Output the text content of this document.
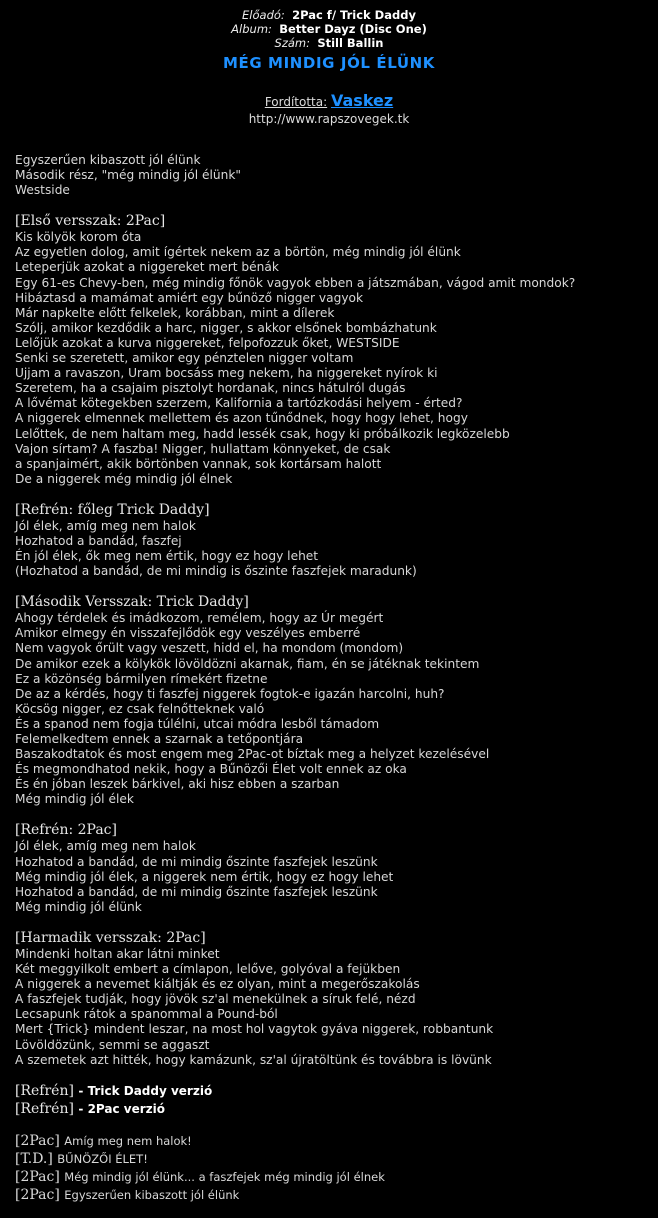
Előadó: 2Pac f/ Trick Daddy
Album: Better Dayz (Disc One)
Szám: Still Ballin
MÉG MINDIG JÓL ÉLÜNK
Fordította: Vaskez
http://www.rapszovegek.tk
Egyszerűen kibaszott jól élünk
Második rész, "még mindig jól élünk"
Westside
[Első versszak: 2Pac]
Kis kölyök korom óta
Az egyetlen dolog, amit ígértek nekem az a börtön, még mindig jól élünk
Leteperjük azokat a niggereket mert bénák
Egy 61-es Chevy-ben, még mindig főnök vagyok ebben a játszmában, vágod amit mondok?
Hibáztasd a mamámat amiért egy bűnöző nigger vagyok
Már napkelte előtt felkelek, korábban, mint a dílerek
Szólj, amikor kezdődik a harc, nigger, s akkor elsőnek bombázhatunk
Lelőjük azokat a kurva niggereket, felpofozzuk őket, WESTSIDE
Senki se szeretett, amikor egy pénztelen nigger voltam
Ujjam a ravaszon, Uram bocsáss meg nekem, ha niggereket nyírok ki
Szeretem, ha a csajaim pisztolyt hordanak, nincs hátulról dugás
A lővémat kötegekben szerzem, Kalifornia a tartózkodási helyem - érted?
A niggerek elmennek mellettem és azon tűnődnek, hogy hogy lehet, hogy
Lelőttek, de nem haltam meg, hadd lessék csak, hogy ki próbálkozik legközelebb
Vajon sírtam? A faszba! Nigger, hullattam könnyeket, de csak
a spanjaimért, akik börtönben vannak, sok kortársam halott
De a niggerek még mindig jól élnek
[Refrén: főleg Trick Daddy]
Jól élek, amíg meg nem halok
Hozhatod a bandád, faszfej
Én jól élek, ők meg nem értik, hogy ez hogy lehet
(Hozhatod a bandád, de mi mindig is őszinte faszfejek maradunk)
[Második Versszak: Trick Daddy]
Ahogy térdelek és imádkozom, remélem, hogy az Úr megért
Amikor elmegy én visszafejlődök egy veszélyes emberré
Nem vagyok őrült vagy veszett, hidd el, ha mondom (mondom)
De amikor ezek a kölykök lövöldözni akarnak, fiam, én se játéknak tekintem
Ez a közönség bármilyen rímekért fizetne
De az a kérdés, hogy ti faszfej niggerek fogtok-e igazán harcolni, huh?
Köcsög nigger, ez csak felnőtteknek való
És a spanod nem fogja túlélni, utcai módra lesből támadom
Felemelkedtem ennek a szarnak a tetőpontjára
Baszakodtatok és most engem meg 2Pac-ot bíztak meg a helyzet kezelésével
És megmondhatod nekik, hogy a Bűnözői Élet volt ennek az oka
És én jóban leszek bárkivel, aki hisz ebben a szarban
Még mindig jól élek
[Refrén: 2Pac]
Jól élek, amíg meg nem halok
Hozhatod a bandád, de mi mindig őszinte faszfejek leszünk
Még mindig jól élek, a niggerek nem értik, hogy ez hogy lehet
Hozhatod a bandád, de mi mindig őszinte faszfejek leszünk
Még mindig jól élünk
[Harmadik versszak: 2Pac]
Mindenki holtan akar látni minket
Két meggyilkolt embert a címlapon, lelőve, golyóval a fejükben
A niggerek a nevemet kiáltják és ez olyan, mint a megerőszakolás
A faszfejek tudják, hogy jövök sz'al menekülnek a síruk felé, nézd
Lecsapunk rátok a spanommal a Pound-ból
Mert {Trick} mindent leszar, na most hol vagytok gyáva niggerek, robbantunk
Lövöldözünk, semmi se aggaszt
A szemetek azt hitték, hogy kamázunk, sz'al újratöltünk és továbbra is lövünk
[Refrén] - Trick Daddy verzió
[Refrén] - 2Pac verzió
[2Pac] Amíg meg nem halok!
[T.D.] BŰNÖZŐI ÉLET!
[2Pac] Még mindig jól élünk... a faszfejek még mindig jól élnek
[2Pac] Egyszerűen kibaszott jól élünk
